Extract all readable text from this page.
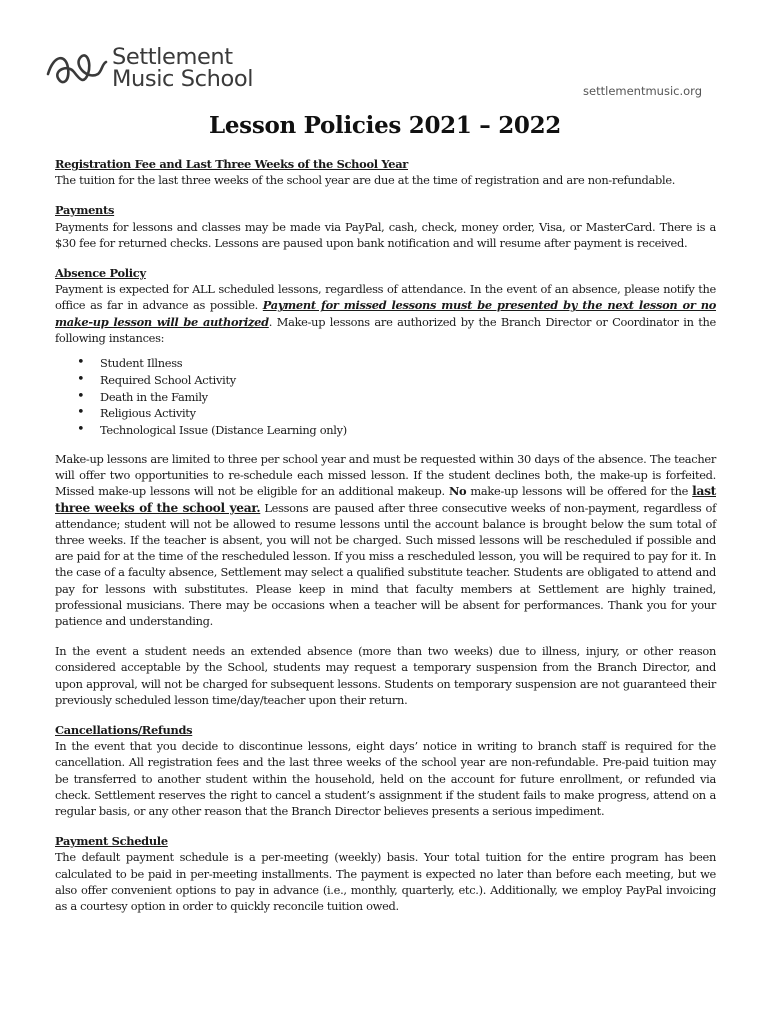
Settlement
Music School	settlementmusic.org
Lesson Policies 2021 – 2022
Registration Fee and Last Three Weeks of the School Year

The tuition for the last three weeks of the school year are due at the time of registration and are non-refundable.

Payments

Payments for lessons and classes may be made via PayPal, cash, check, money order, Visa, or MasterCard. There is a $30 fee for returned checks. Lessons are paused upon bank notification and will resume after payment is received.

Absence Policy

Payment is expected for ALL scheduled lessons, regardless of attendance. In the event of an absence, please notify the office as far in advance as possible. Payment for missed lessons must be presented by the next lesson or no make-up lesson will be authorized. Make-up lessons are authorized by the Branch Director or Coordinator in the following instances:

• Student Illness
• Required School Activity
• Death in the Family
• Religious Activity
• Technological Issue (Distance Learning only)

Make-up lessons are limited to three per school year and must be requested within 30 days of the absence. The teacher will offer two opportunities to re-schedule each missed lesson. If the student declines both, the make-up is forfeited. Missed make-up lessons will not be eligible for an additional makeup. No make-up lessons will be offered for the last three weeks of the school year. Lessons are paused after three consecutive weeks of non-payment, regardless of attendance; student will not be allowed to resume lessons until the account balance is brought below the sum total of three weeks. If the teacher is absent, you will not be charged. Such missed lessons will be rescheduled if possible and are paid for at the time of the rescheduled lesson. If you miss a rescheduled lesson, you will be required to pay for it. In the case of a faculty absence, Settlement may select a qualified substitute teacher. Students are obligated to attend and pay for lessons with substitutes. Please keep in mind that faculty members at Settlement are highly trained, professional musicians. There may be occasions when a teacher will be absent for performances. Thank you for your patience and understanding.

In the event a student needs an extended absence (more than two weeks) due to illness, injury, or other reason considered acceptable by the School, students may request a temporary suspension from the Branch Director, and upon approval, will not be charged for subsequent lessons. Students on temporary suspension are not guaranteed their previously scheduled lesson time/day/teacher upon their return.

Cancellations/Refunds

In the event that you decide to discontinue lessons, eight days’ notice in writing to branch staff is required for the cancellation. All registration fees and the last three weeks of the school year are non-refundable. Pre-paid tuition may be transferred to another student within the household, held on the account for future enrollment, or refunded via check. Settlement reserves the right to cancel a student’s assignment if the student fails to make progress, attend on a regular basis, or any other reason that the Branch Director believes presents a serious impediment.

Payment Schedule

The default payment schedule is a per-meeting (weekly) basis. Your total tuition for the entire program has been calculated to be paid in per-meeting installments. The payment is expected no later than before each meeting, but we also offer convenient options to pay in advance (i.e., monthly, quarterly, etc.). Additionally, we employ PayPal invoicing as a courtesy option in order to quickly reconcile tuition owed.
